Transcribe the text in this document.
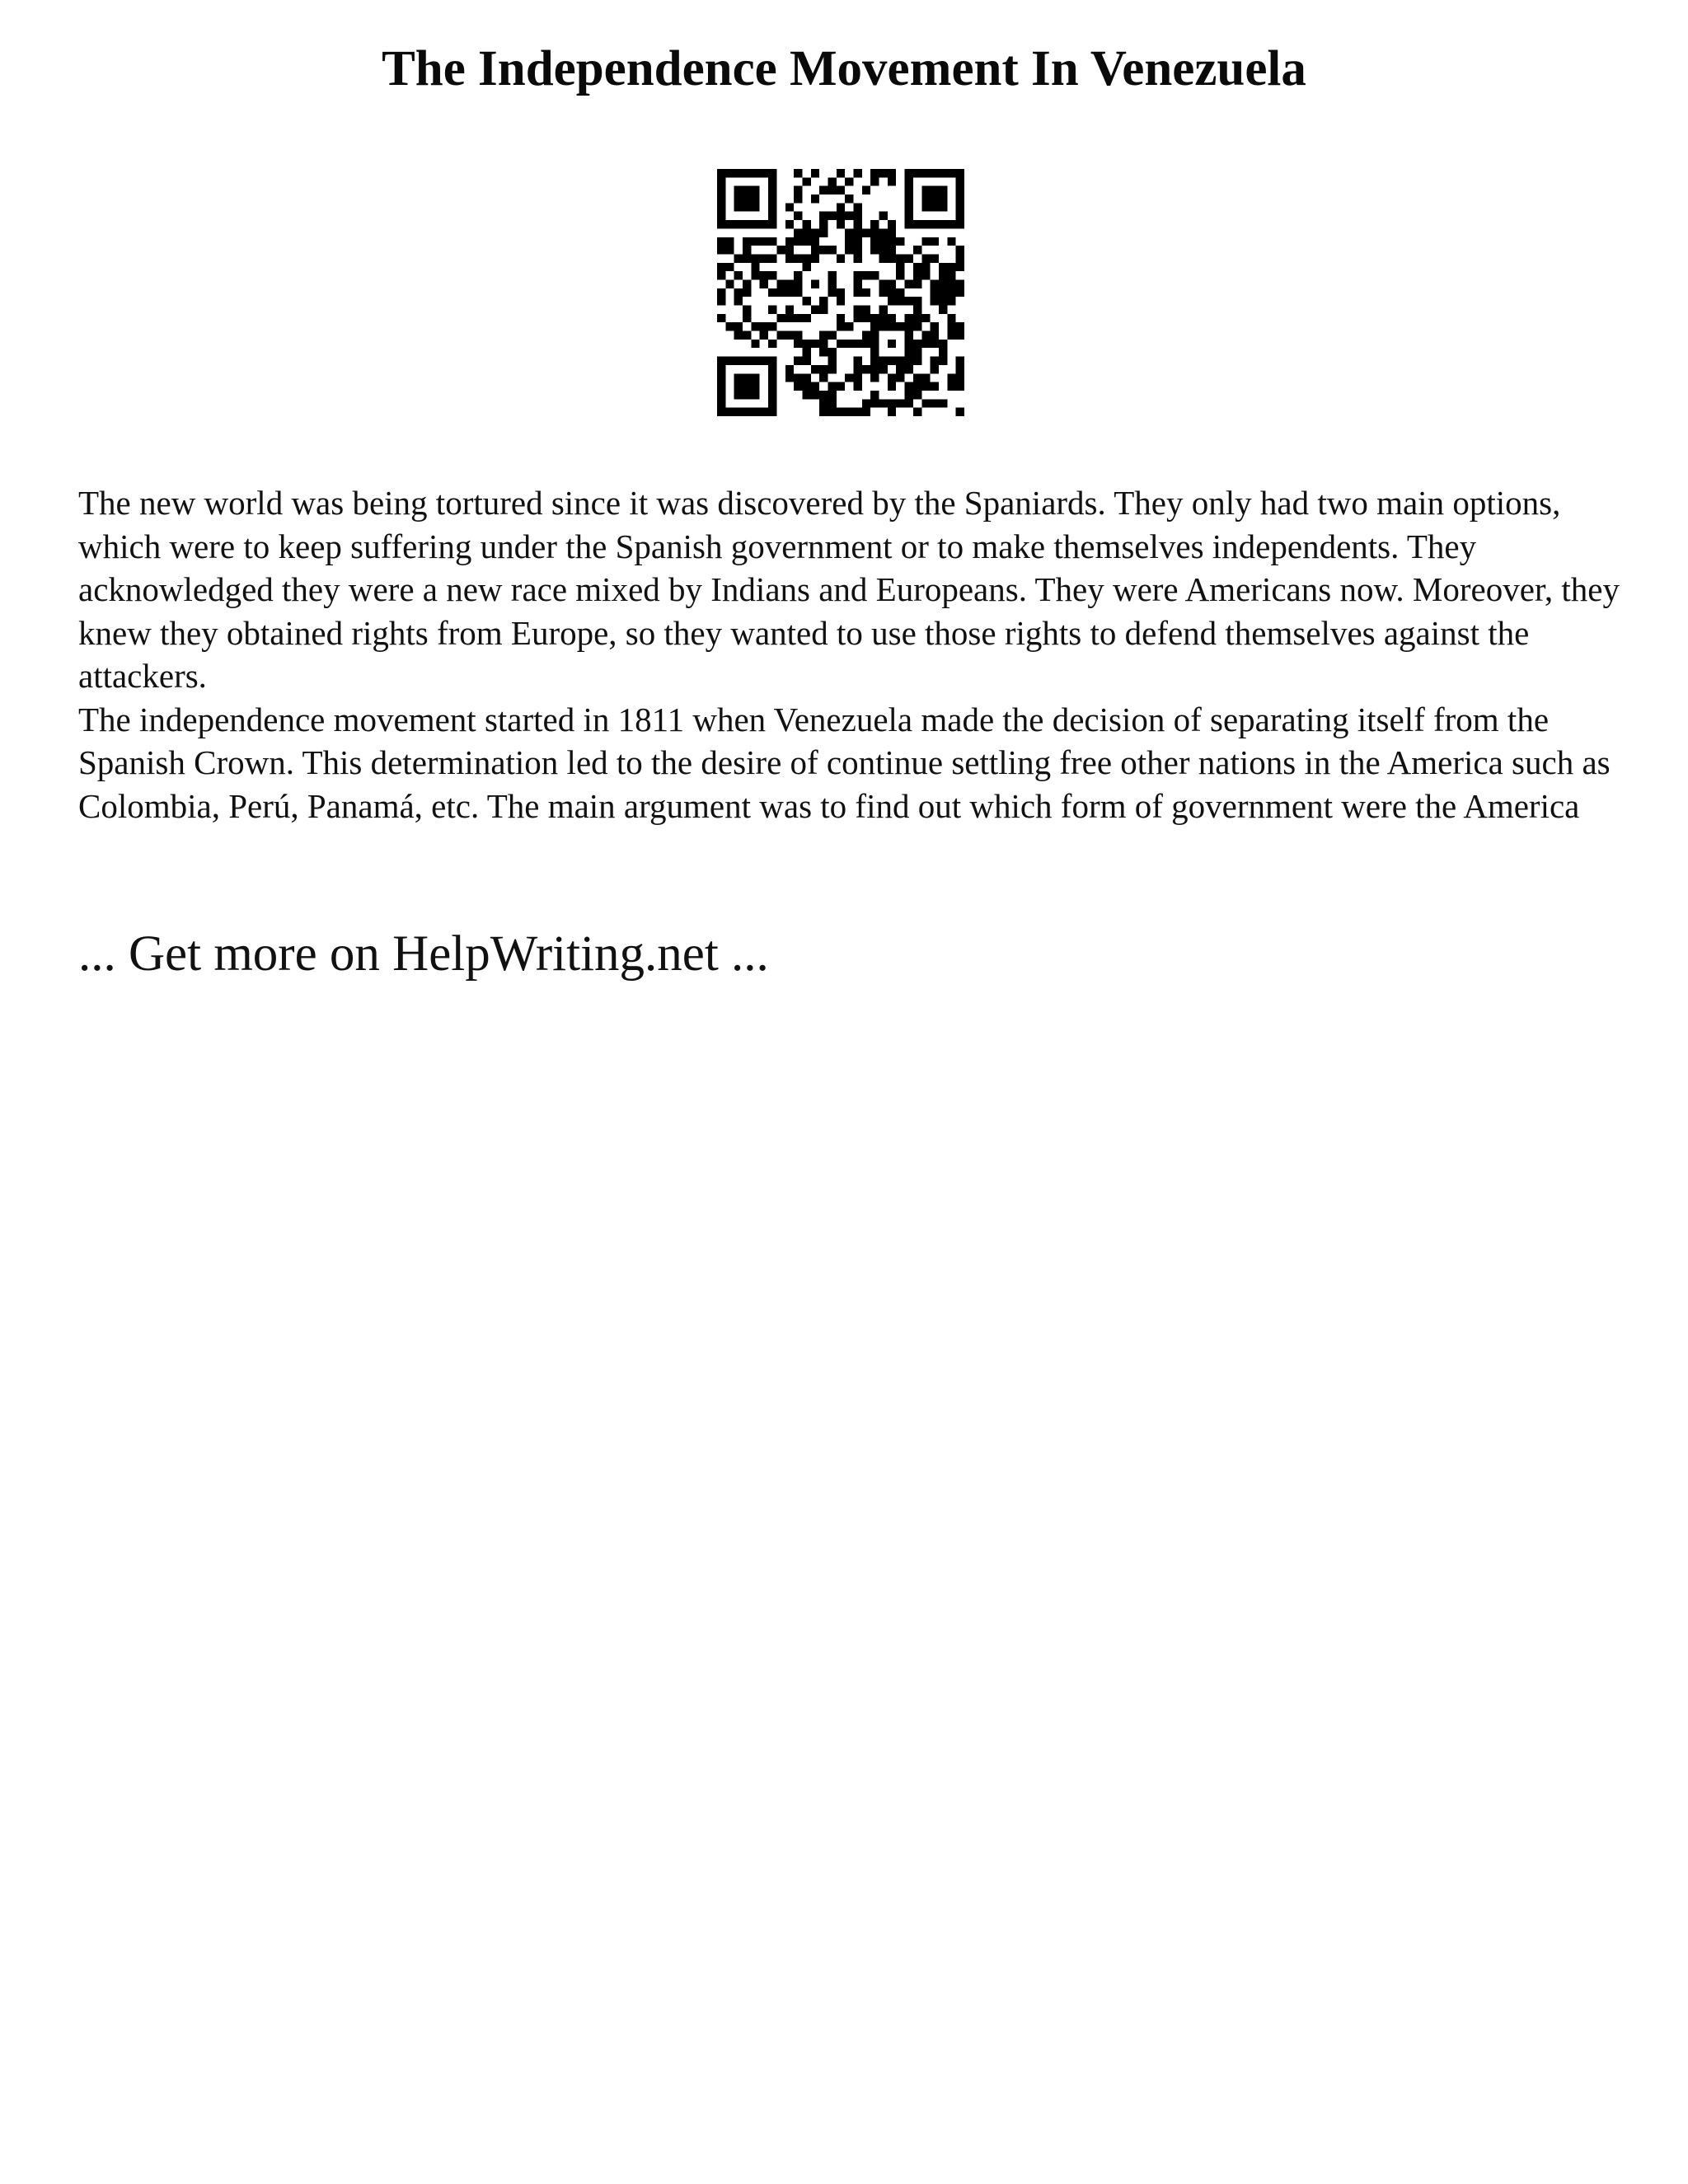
The Independence Movement In Venezuela

The new world was being tortured since it was discovered by the Spaniards. They only had two main options, which were to keep suffering under the Spanish government or to make themselves independents. They acknowledged they were a new race mixed by Indians and Europeans. They were Americans now. Moreover, they knew they obtained rights from Europe, so they wanted to use those rights to defend themselves against the attackers.

The independence movement started in 1811 when Venezuela made the decision of separating itself from the Spanish Crown. This determination led to the desire of continue settling free other nations in the America such as Colombia, Perú, Panamá, etc. The main argument was to find out which form of government were the America

... Get more on HelpWriting.net ...
